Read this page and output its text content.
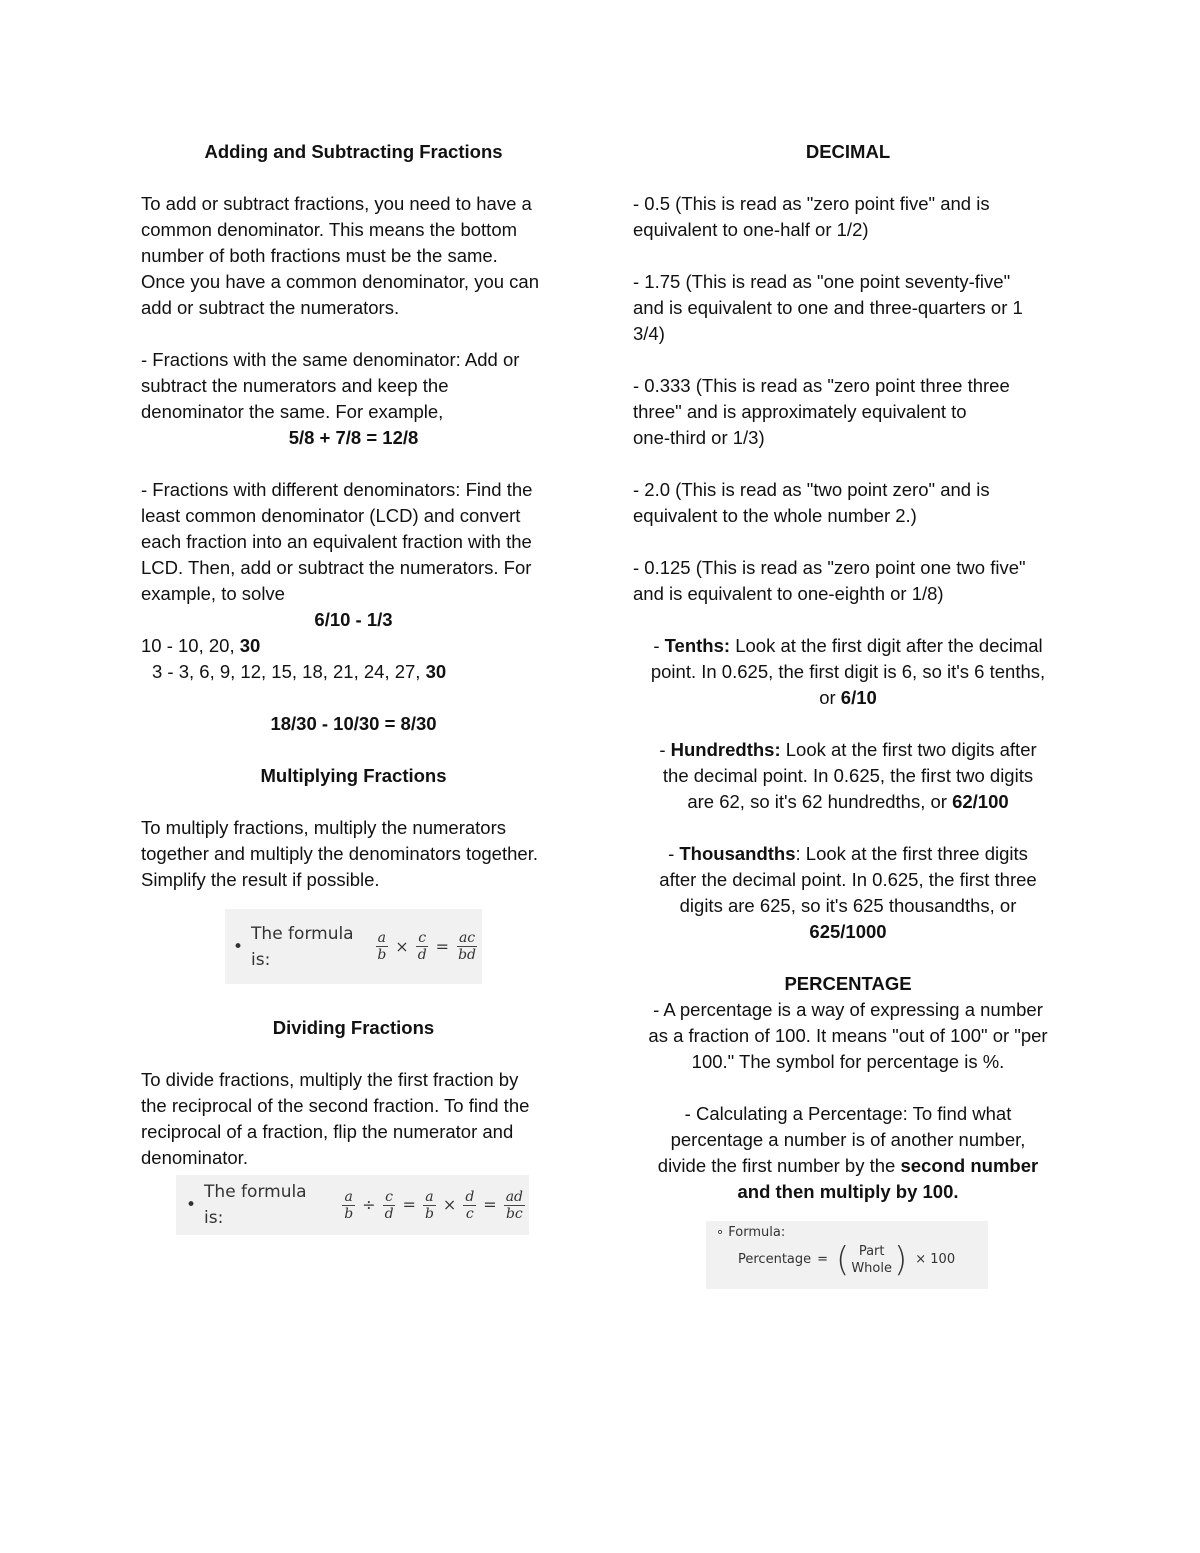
Adding and Subtracting Fractions

To add or subtract fractions, you need to have a

common denominator. This means the bottom

number of both fractions must be the same.

Once you have a common denominator, you can

add or subtract the numerators.

- Fractions with the same denominator: Add or

subtract the numerators and keep the

denominator the same. For example,

5/8 + 7/8 = 12/8

- Fractions with different denominators: Find the

least common denominator (LCD) and convert

each fraction into an equivalent fraction with the

LCD. Then, add or subtract the numerators. For

example, to solve

6/10 - 1/3

10 - 10, 20, 30

3 - 3, 6, 9, 12, 15, 18, 21, 24, 27, 30

18/30 - 10/30 = 8/30

Multiplying Fractions

To multiply fractions, multiply the numerators

together and multiply the denominators together.

Simplify the result if possible.

•
The formula is:	$\frac{a}{b} \times \frac{c}{d} = \frac{ac}{bd}$

Dividing Fractions

To divide fractions, multiply the first fraction by

the reciprocal of the second fraction. To find the

reciprocal of a fraction, flip the numerator and

denominator.

•
The formula is:	$\frac{a}{b} \div \frac{c}{d} = \frac{a}{b} \times \frac{d}{c} = \frac{ad}{bc}$

DECIMAL

- 0.5 (This is read as "zero point five" and is

equivalent to one-half or 1/2)

- 1.75 (This is read as "one point seventy-five"

and is equivalent to one and three-quarters or 1

3/4)

- 0.333 (This is read as "zero point three three

three" and is approximately equivalent to

one-third or 1/3)

- 2.0 (This is read as "two point zero" and is

equivalent to the whole number 2.)

- 0.125 (This is read as "zero point one two five"

and is equivalent to one-eighth or 1/8)

- Tenths: Look at the first digit after the decimal

point. In 0.625, the first digit is 6, so it's 6 tenths,

or 6/10

- Hundredths: Look at the first two digits after

the decimal point. In 0.625, the first two digits

are 62, so it's 62 hundredths, or 62/100

- Thousandths: Look at the first three digits

after the decimal point. In 0.625, the first three

digits are 625, so it's 625 thousandths, or

625/1000

PERCENTAGE

- A percentage is a way of expressing a number

as a fraction of 100. It means "out of 100" or "per

100." The symbol for percentage is %.

- Calculating a Percentage: To find what

percentage a number is of another number,

divide the first number by the second number

and then multiply by 100.

∘ Formula:
Percentage = ( Part
Whole ) × 100
